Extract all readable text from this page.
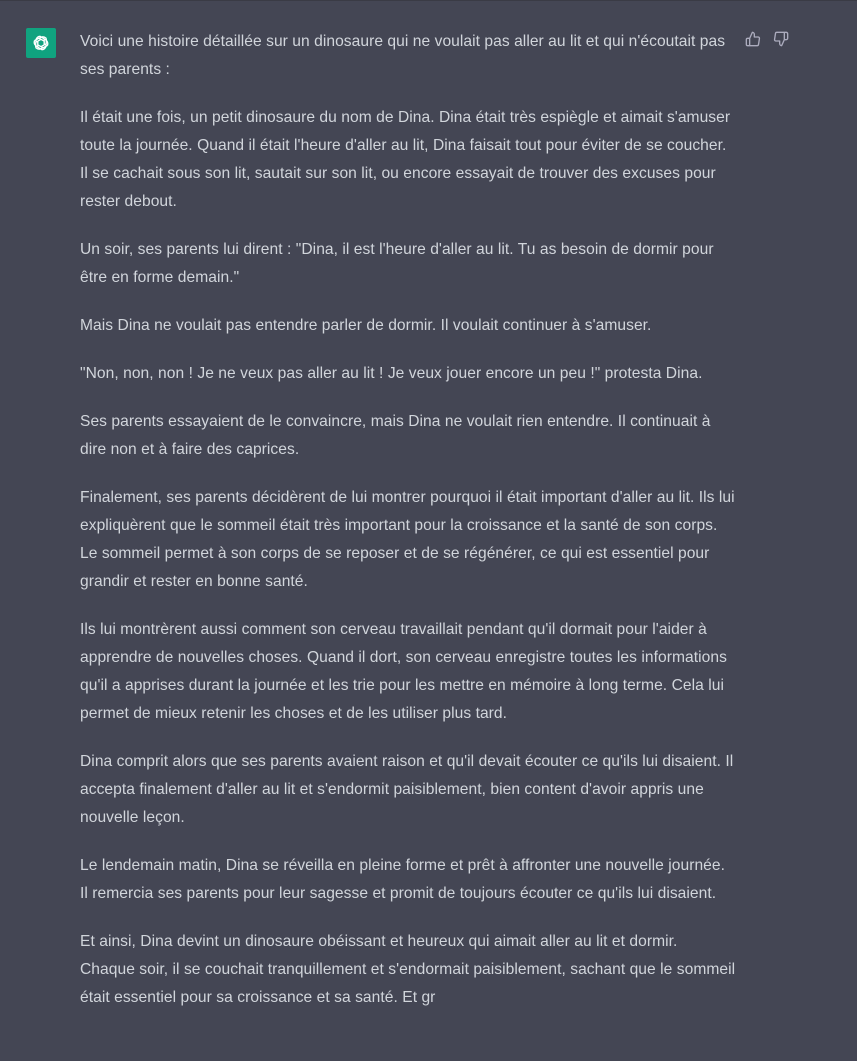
Voici une histoire détaillée sur un dinosaure qui ne voulait pas aller au lit et qui n'écoutait pas ses parents :

Il était une fois, un petit dinosaure du nom de Dina. Dina était très espiègle et aimait s'amuser toute la journée. Quand il était l'heure d'aller au lit, Dina faisait tout pour éviter de se coucher. Il se cachait sous son lit, sautait sur son lit, ou encore essayait de trouver des excuses pour rester debout.

Un soir, ses parents lui dirent : "Dina, il est l'heure d'aller au lit. Tu as besoin de dormir pour être en forme demain."

Mais Dina ne voulait pas entendre parler de dormir. Il voulait continuer à s'amuser.

"Non, non, non ! Je ne veux pas aller au lit ! Je veux jouer encore un peu !" protesta Dina.

Ses parents essayaient de le convaincre, mais Dina ne voulait rien entendre. Il continuait à dire non et à faire des caprices.

Finalement, ses parents décidèrent de lui montrer pourquoi il était important d'aller au lit. Ils lui expliquèrent que le sommeil était très important pour la croissance et la santé de son corps. Le sommeil permet à son corps de se reposer et de se régénérer, ce qui est essentiel pour grandir et rester en bonne santé.

Ils lui montrèrent aussi comment son cerveau travaillait pendant qu'il dormait pour l'aider à apprendre de nouvelles choses. Quand il dort, son cerveau enregistre toutes les informations qu'il a apprises durant la journée et les trie pour les mettre en mémoire à long terme. Cela lui permet de mieux retenir les choses et de les utiliser plus tard.

Dina comprit alors que ses parents avaient raison et qu'il devait écouter ce qu'ils lui disaient. Il accepta finalement d'aller au lit et s'endormit paisiblement, bien content d'avoir appris une nouvelle leçon.

Le lendemain matin, Dina se réveilla en pleine forme et prêt à affronter une nouvelle journée. Il remercia ses parents pour leur sagesse et promit de toujours écouter ce qu'ils lui disaient.

Et ainsi, Dina devint un dinosaure obéissant et heureux qui aimait aller au lit et dormir. Chaque soir, il se couchait tranquillement et s'endormait paisiblement, sachant que le sommeil était essentiel pour sa croissance et sa santé. Et gr
